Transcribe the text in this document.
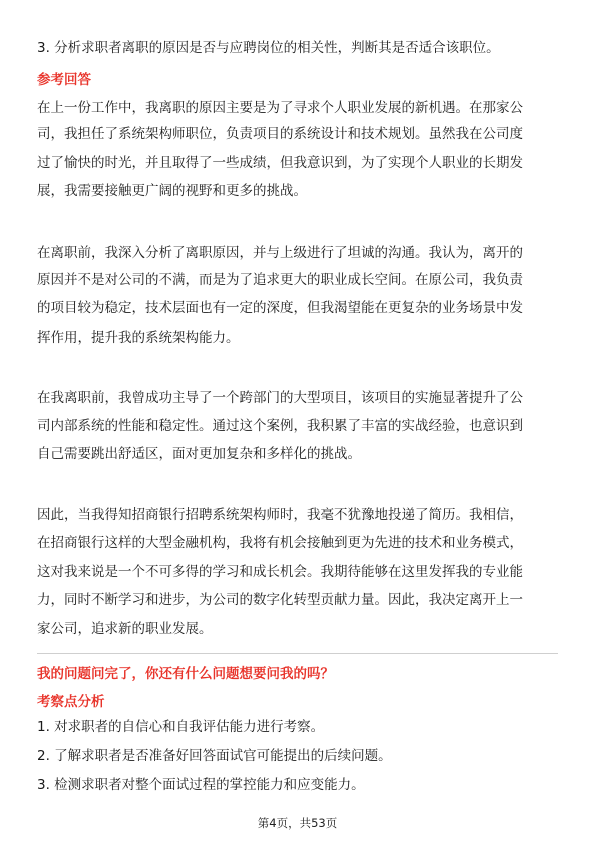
3. 分析求职者离职的原因是否与应聘岗位的相关性，判断其是否适合该职位。
参考回答
在上一份工作中，我离职的原因主要是为了寻求个人职业发展的新机遇。在那家公
司，我担任了系统架构师职位，负责项目的系统设计和技术规划。虽然我在公司度
过了愉快的时光，并且取得了一些成绩，但我意识到，为了实现个人职业的长期发
展，我需要接触更广阔的视野和更多的挑战。
在离职前，我深入分析了离职原因，并与上级进行了坦诚的沟通。我认为，离开的
原因并不是对公司的不满，而是为了追求更大的职业成长空间。在原公司，我负责
的项目较为稳定，技术层面也有一定的深度，但我渴望能在更复杂的业务场景中发
挥作用，提升我的系统架构能力。
在我离职前，我曾成功主导了一个跨部门的大型项目，该项目的实施显著提升了公
司内部系统的性能和稳定性。通过这个案例，我积累了丰富的实战经验，也意识到
自己需要跳出舒适区，面对更加复杂和多样化的挑战。
因此，当我得知招商银行招聘系统架构师时，我毫不犹豫地投递了简历。我相信，
在招商银行这样的大型金融机构，我将有机会接触到更为先进的技术和业务模式，
这对我来说是一个不可多得的学习和成长机会。我期待能够在这里发挥我的专业能
力，同时不断学习和进步，为公司的数字化转型贡献力量。因此，我决定离开上一
家公司，追求新的职业发展。
我的问题问完了，你还有什么问题想要问我的吗？
考察点分析
1. 对求职者的自信心和自我评估能力进行考察。
2. 了解求职者是否准备好回答面试官可能提出的后续问题。
3. 检测求职者对整个面试过程的掌控能力和应变能力。
第4页，共53页
